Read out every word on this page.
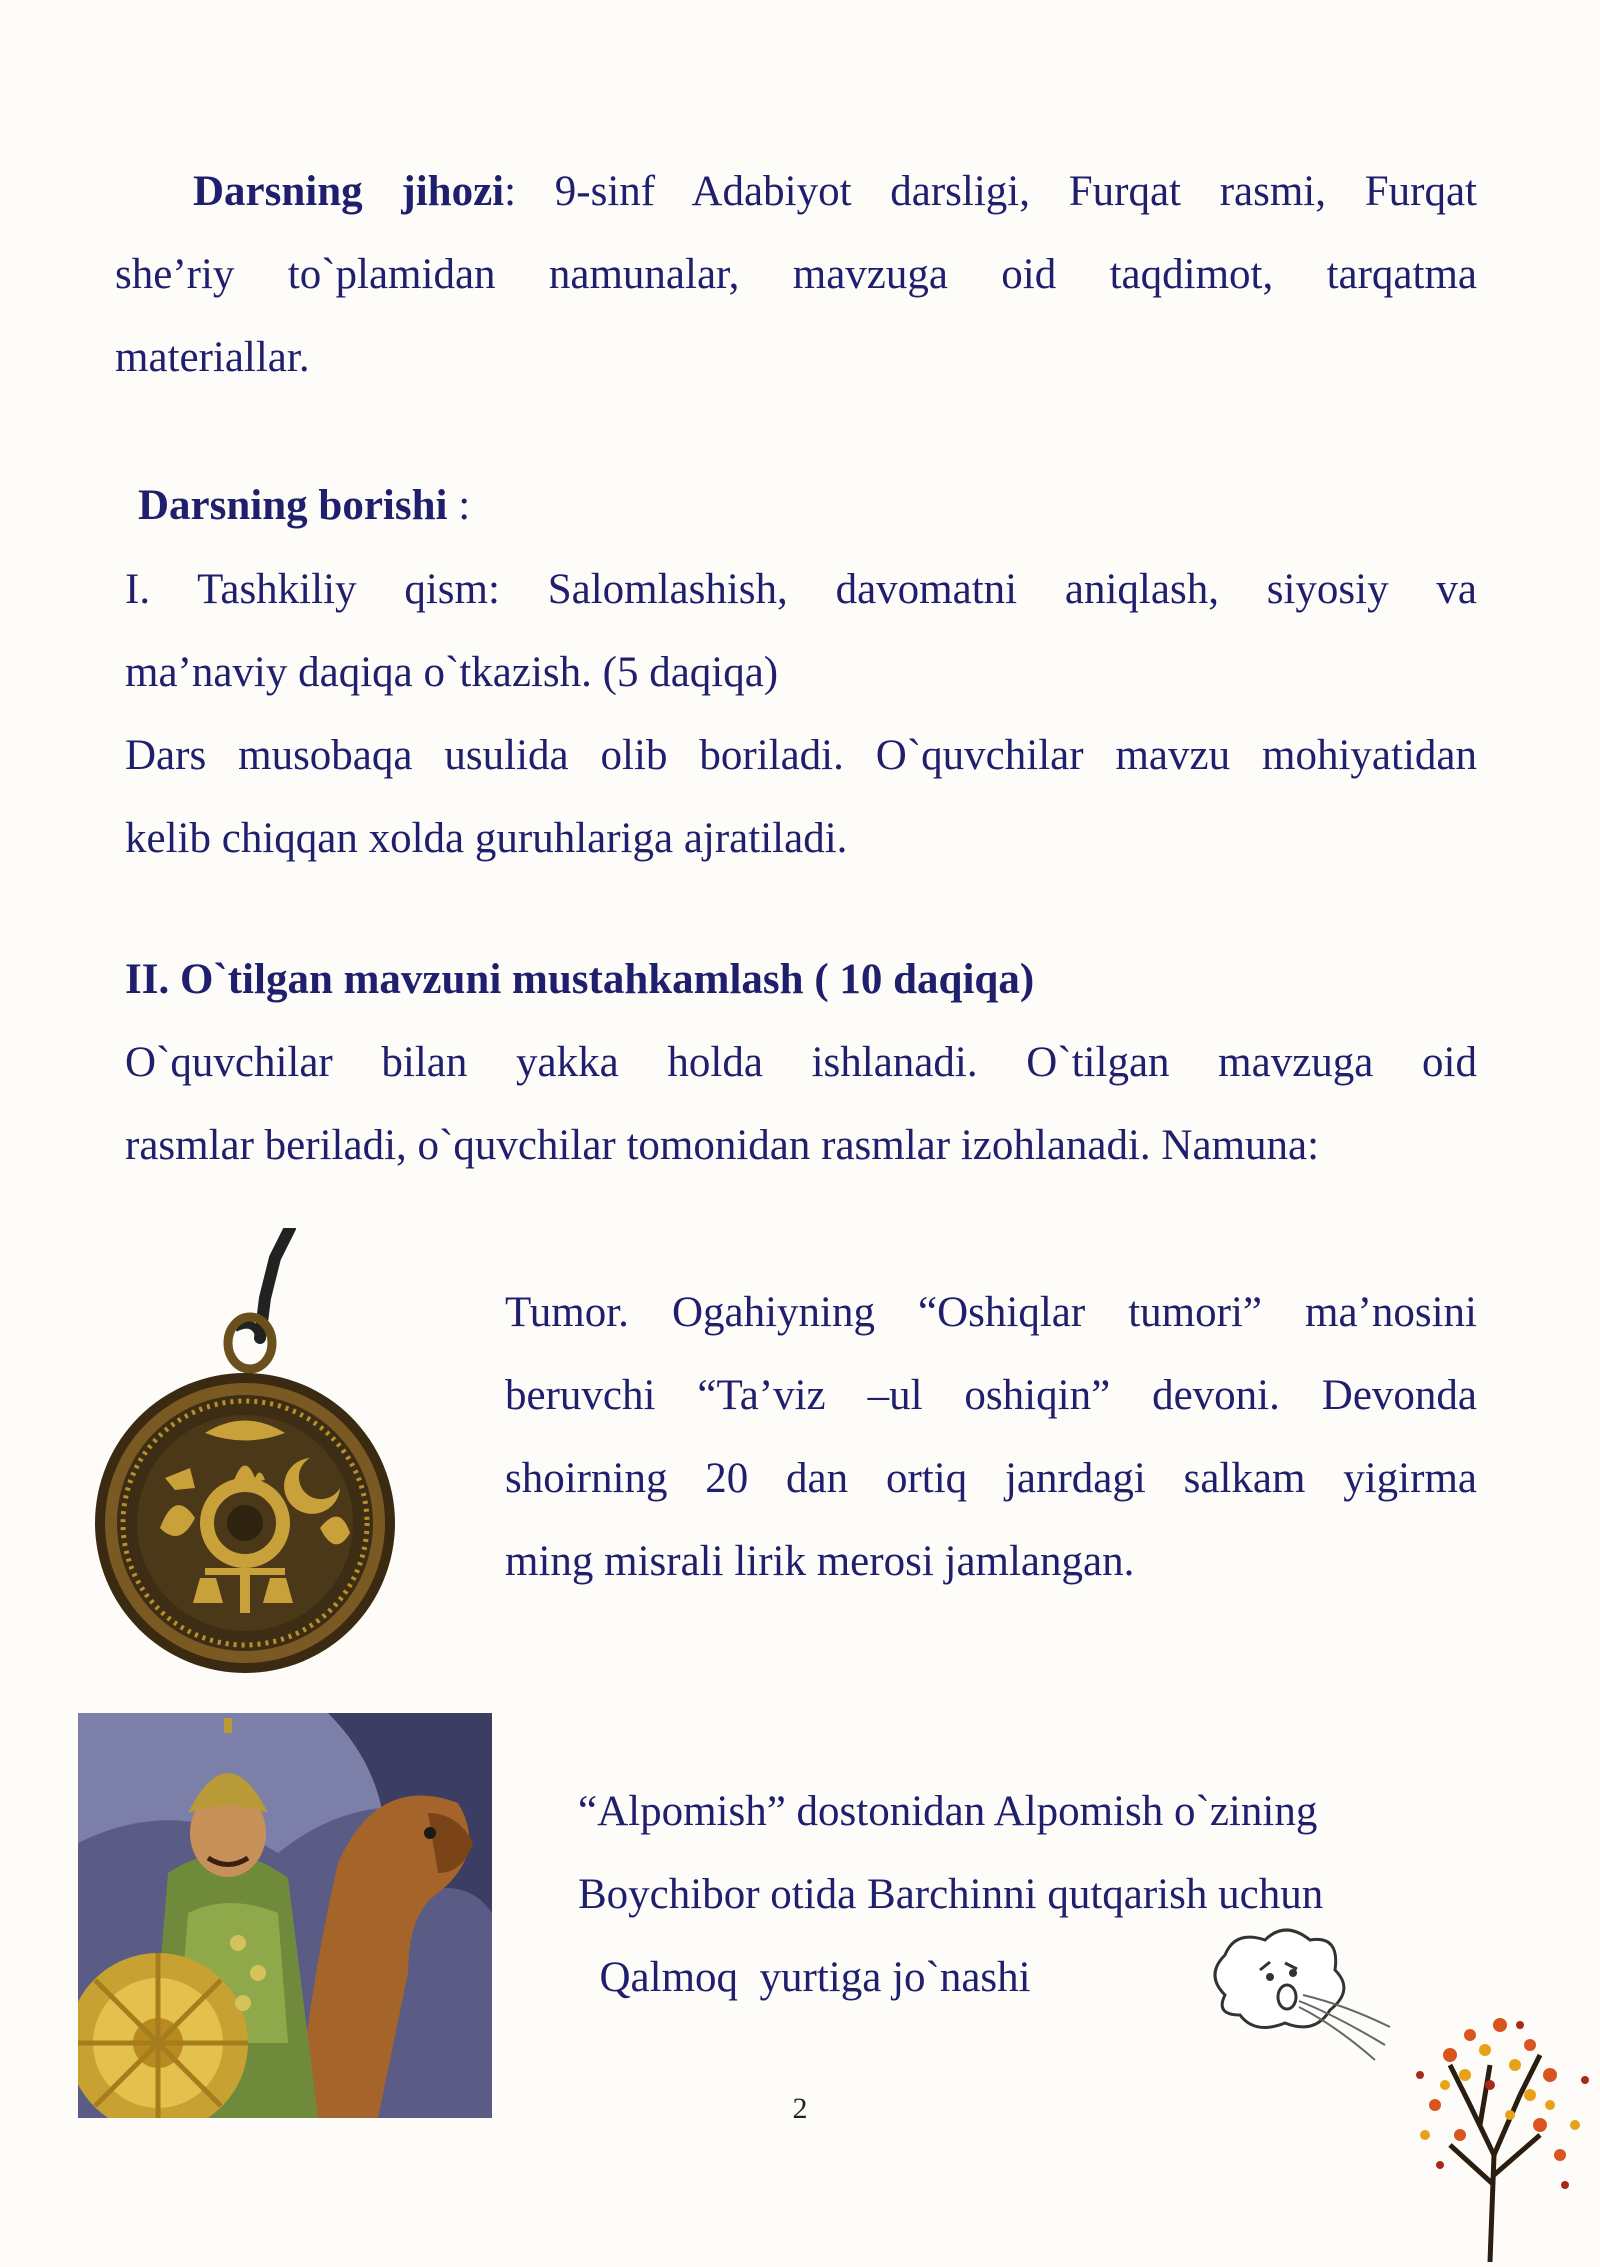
Darsning jihozi: 9-sinf Adabiyot darsligi, Furqat rasmi, Furqat
she’riy to`plamidan namunalar, mavzuga oid taqdimot, tarqatma
materiallar.

Darsning borishi :

I. Tashkiliy qism: Salomlashish, davomatni aniqlash, siyosiy va
ma’naviy daqiqa o`tkazish. (5 daqiqa)
Dars musobaqa usulida olib boriladi. O`quvchilar mavzu mohiyatidan
kelib chiqqan xolda guruhlariga ajratiladi.

II. O`tilgan mavzuni mustahkamlash ( 10 daqiqa)
O`quvchilar bilan yakka holda ishlanadi. O`tilgan mavzuga oid
rasmlar beriladi, o`quvchilar tomonidan rasmlar izohlanadi. Namuna:

Tumor. Ogahiyning “Oshiqlar tumori” ma’nosini
beruvchi “Ta’viz –ul oshiqin” devoni. Devonda
shoirning 20 dan ortiq janrdagi salkam yigirma
ming misrali lirik merosi jamlangan.

“Alpomish” dostonidan Alpomish o`zining
Boychibor otida Barchinni qutqarish uchun
Qalmoq  yurtiga jo`nashi

2
